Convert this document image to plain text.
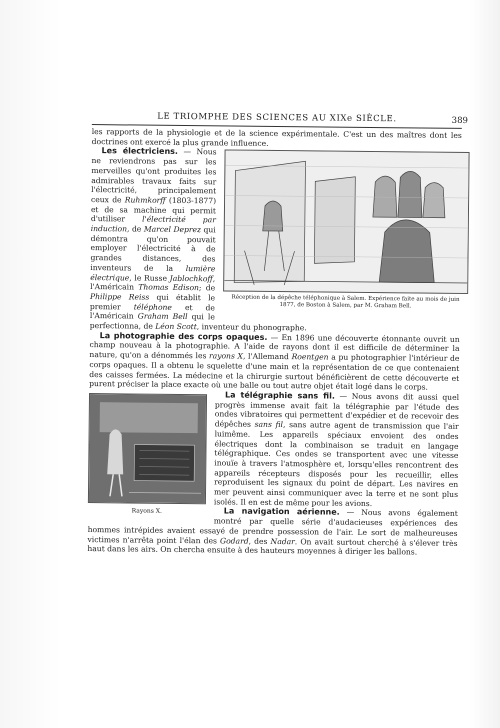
LE TRIOMPHE DES SCIENCES AU XIXe SIÈCLE.	389

les rapports de la physiologie et de la science expérimentale. C'est un des maîtres dont les doctrines ont exercé la plus grande influence.

Réception de la dépêche téléphonique à Salem. Expérience faite au mois de juin 1877, de Boston à Salem, par M. Graham Bell.

Les électriciens. — Nous ne reviendrons pas sur les merveilles qu'ont produites les admirables travaux faits sur l'électricité, principalement ceux de Ruhmkorff (1803-1877) et de sa machine qui permit d'utiliser l'électricité par induction, de Marcel Deprez qui démontra qu'on pouvait employer l'électricité à de grandes distances, des inventeurs de la lumière électrique, le Russe Jablochkoff, l'Américain Thomas Edison; de Philippe Reiss qui établit le premier téléphone et de l'Américain Graham Bell qui le perfectionna, de Léon Scott, inventeur du phonographe.

La photographie des corps opaques. — En 1896 une découverte étonnante ouvrit un champ nouveau à la photographie. A l'aide de rayons dont il est difficile de déterminer la nature, qu'on a dénommés les rayons X, l'Allemand Roentgen a pu photographier l'intérieur de corps opaques. Il a obtenu le squelette d'une main et la représentation de ce que contenaient des caisses fermées. La médecine et la chirurgie surtout bénéficièrent de cette découverte et purent préciser la place exacte où une balle ou tout autre objet était logé dans le corps.

Rayons X.

La télégraphie sans fil. — Nous avons dit aussi quel progrès immense avait fait la télégraphie par l'étude des ondes vibratoires qui permettent d'expédier et de recevoir des dépêches sans fil, sans autre agent de transmission que l'air luimême. Les appareils spéciaux envoient des ondes électriques dont la combinaison se traduit en langage télégraphique. Ces ondes se transportent avec une vitesse inouïe à travers l'atmosphère et, lorsqu'elles rencontrent des appareils récepteurs disposés pour les recueillir, elles reproduisent les signaux du point de départ. Les navires en mer peuvent ainsi communiquer avec la terre et ne sont plus isolés. Il en est de même pour les avions.

La navigation aérienne. — Nous avons également montré par quelle série d'audacieuses expériences des hommes intrépides avaient essayé de prendre possession de l'air. Le sort de malheureuses victimes n'arrêta point l'élan des Godard, des Nadar. On avait surtout cherché à s'élever très haut dans les airs. On chercha ensuite à des hauteurs moyennes à diriger les ballons.
